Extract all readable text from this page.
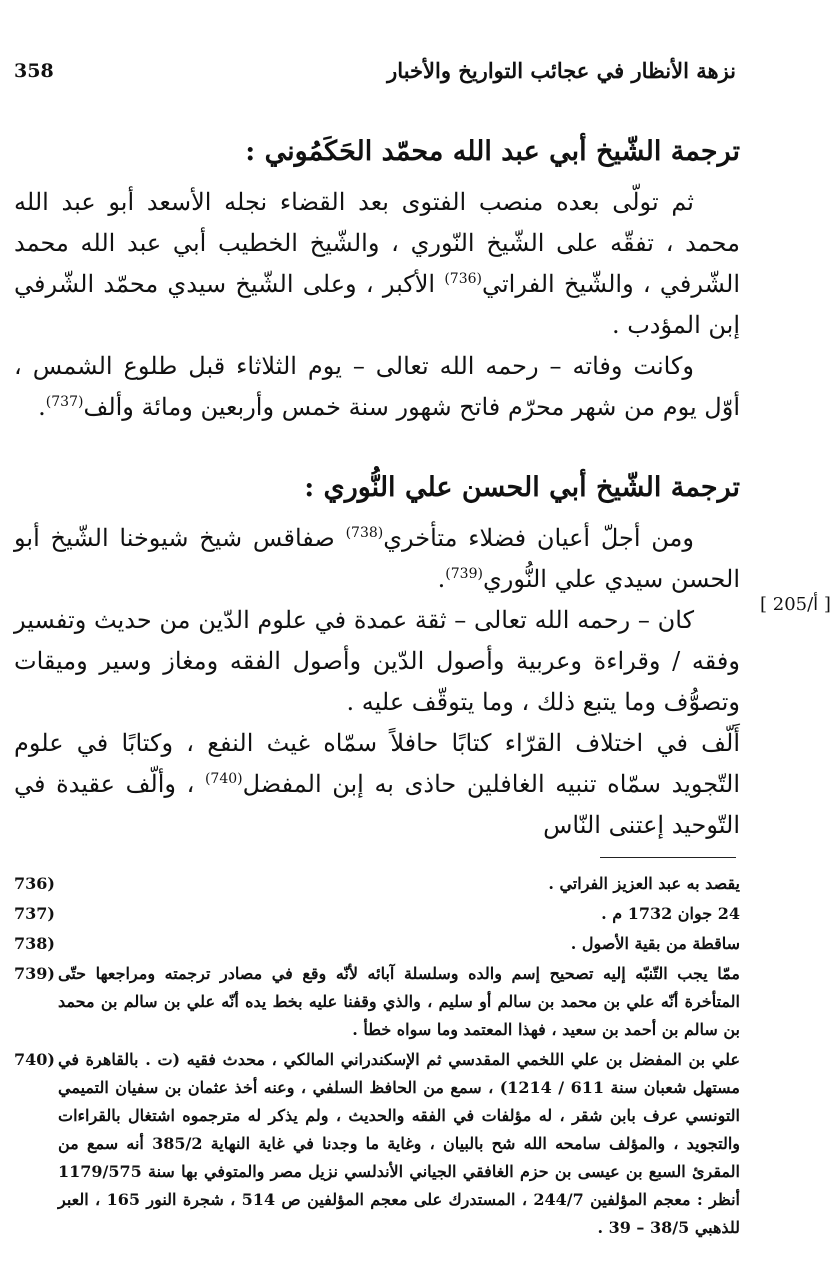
نزهة الأنظار في عجائب التواريخ والأخبار
358
ترجمة الشّيخ أبي عبد الله محمّد الحَكَمُوني :

ثم تولّى بعده منصب الفتوى بعد القضاء نجله الأسعد أبو عبد الله محمد ، تفقّه على الشّيخ النّوري ، والشّيخ الخطيب أبي عبد الله محمد الشّرفي ، والشّيخ الفراتي$^{(736)}$ الأكبر ، وعلى الشّيخ سيدي محمّد الشّرفي إبن المؤدب .

وكانت وفاته – رحمه الله تعالى – يوم الثلاثاء قبل طلوع الشمس ، أوّل يوم من شهر محرّم فاتح شهور سنة خمس وأربعين ومائة وألف$^{(737)}$.

ترجمة الشّيخ أبي الحسن علي النُّوري :

ومن أجلّ أعيان فضلاء متأخري$^{(738)}$ صفاقس شيخ شيوخنا الشّيخ أبو الحسن سيدي علي النُّوري$^{(739)}$.

كان – رحمه الله تعالى – ثقة عمدة في علوم الدّين من حديث وتفسير وفقه / وقراءة وعربية وأصول الدّين وأصول الفقه ومغاز وسير وميقات وتصوُّف وما يتبع ذلك ، وما يتوقّف عليه .

أَلّف في اختلاف القرّاء كتابًا حافلاً سمّاه غيث النفع ، وكتابًا في علوم التّجويد سمّاه تنبيه الغافلين حاذى به إبن المفضل$^{(740)}$ ، وألّف عقيدة في التّوحيد إعتنى النّاس

[ 205/أ ]
يقصد به عبد العزيز الفراتي .
736)
24 جوان 1732 م .
737)
ساقطة من بقية الأصول .
738)
ممّا يجب التّنبّه إليه تصحيح إسم والده وسلسلة آبائه لأنّه وقع في مصادر ترجمته ومراجعها حتّى المتأخرة أنّه علي بن محمد بن سالم أو سليم ، والذي وقفنا عليه بخط يده أنّه علي بن سالم بن محمد بن سالم بن أحمد بن سعيد ، فهذا المعتمد وما سواه خطأ .
739)
علي بن المفضل بن علي اللخمي المقدسي ثم الإسكندراني المالكي ، محدث فقيه (ت . بالقاهرة في مستهل شعبان سنة 611 / 1214) ، سمع من الحافظ السلفي ، وعنه أخذ عثمان بن سفيان التميمي التونسي عرف بابن شقر ، له مؤلفات في الفقه والحديث ، ولم يذكر له مترجموه اشتغال بالقراءات والتجويد ، والمؤلف سامحه الله شح بالبيان ، وغاية ما وجدنا في غاية النهاية 385/2 أنه سمع من المقرئ السبع بن عيسى بن حزم الغافقي الجياني الأندلسي نزيل مصر والمتوفي بها سنة 1179/575 أنظر : معجم المؤلفين 244/7 ، المستدرك على معجم المؤلفين ص 514 ، شجرة النور 165 ، العبر للذهبي 38/5 – 39 .
740)
